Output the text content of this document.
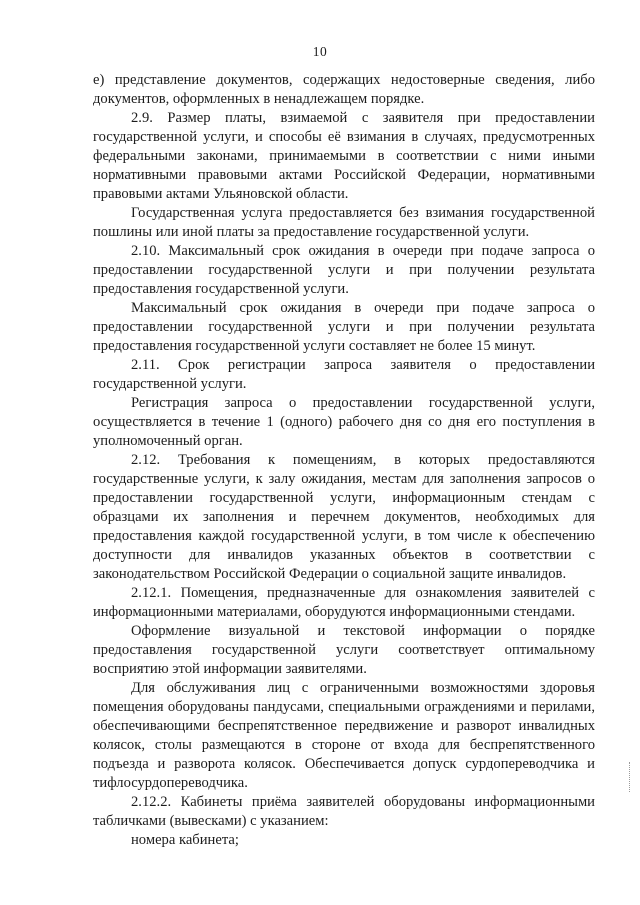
10

е) представление документов, содержащих недостоверные сведения, либо документов, оформленных в ненадлежащем порядке.

2.9. Размер платы, взимаемой с заявителя при предоставлении государственной услуги, и способы её взимания в случаях, предусмотренных федеральными законами, принимаемыми в соответствии с ними иными нормативными правовыми актами Российской Федерации, нормативными правовыми актами Ульяновской области.

Государственная услуга предоставляется без взимания государственной пошлины или иной платы за предоставление государственной услуги.

2.10. Максимальный срок ожидания в очереди при подаче запроса о предоставлении государственной услуги и при получении результата предоставления государственной услуги.

Максимальный срок ожидания в очереди при подаче запроса о предоставлении государственной услуги и при получении результата предоставления государственной услуги составляет не более 15 минут.

2.11. Срок регистрации запроса заявителя о предоставлении государственной услуги.

Регистрация запроса о предоставлении государственной услуги, осуществляется в течение 1 (одного) рабочего дня со дня его поступления в уполномоченный орган.

2.12. Требования к помещениям, в которых предоставляются государственные услуги, к залу ожидания, местам для заполнения запросов о предоставлении государственной услуги, информационным стендам с образцами их заполнения и перечнем документов, необходимых для предоставления каждой государственной услуги, в том числе к обеспечению доступности для инвалидов указанных объектов в соответствии с законодательством Российской Федерации о социальной защите инвалидов.

2.12.1. Помещения, предназначенные для ознакомления заявителей с информационными материалами, оборудуются информационными стендами.

Оформление визуальной и текстовой информации о порядке предоставления государственной услуги соответствует оптимальному восприятию этой информации заявителями.

Для обслуживания лиц с ограниченными возможностями здоровья помещения оборудованы пандусами, специальными ограждениями и перилами, обеспечивающими беспрепятственное передвижение и разворот инвалидных колясок, столы размещаются в стороне от входа для беспрепятственного подъезда и разворота колясок. Обеспечивается допуск сурдопереводчика и тифлосурдопереводчика.

2.12.2. Кабинеты приёма заявителей оборудованы информационными табличками (вывесками) с указанием:

номера кабинета;
